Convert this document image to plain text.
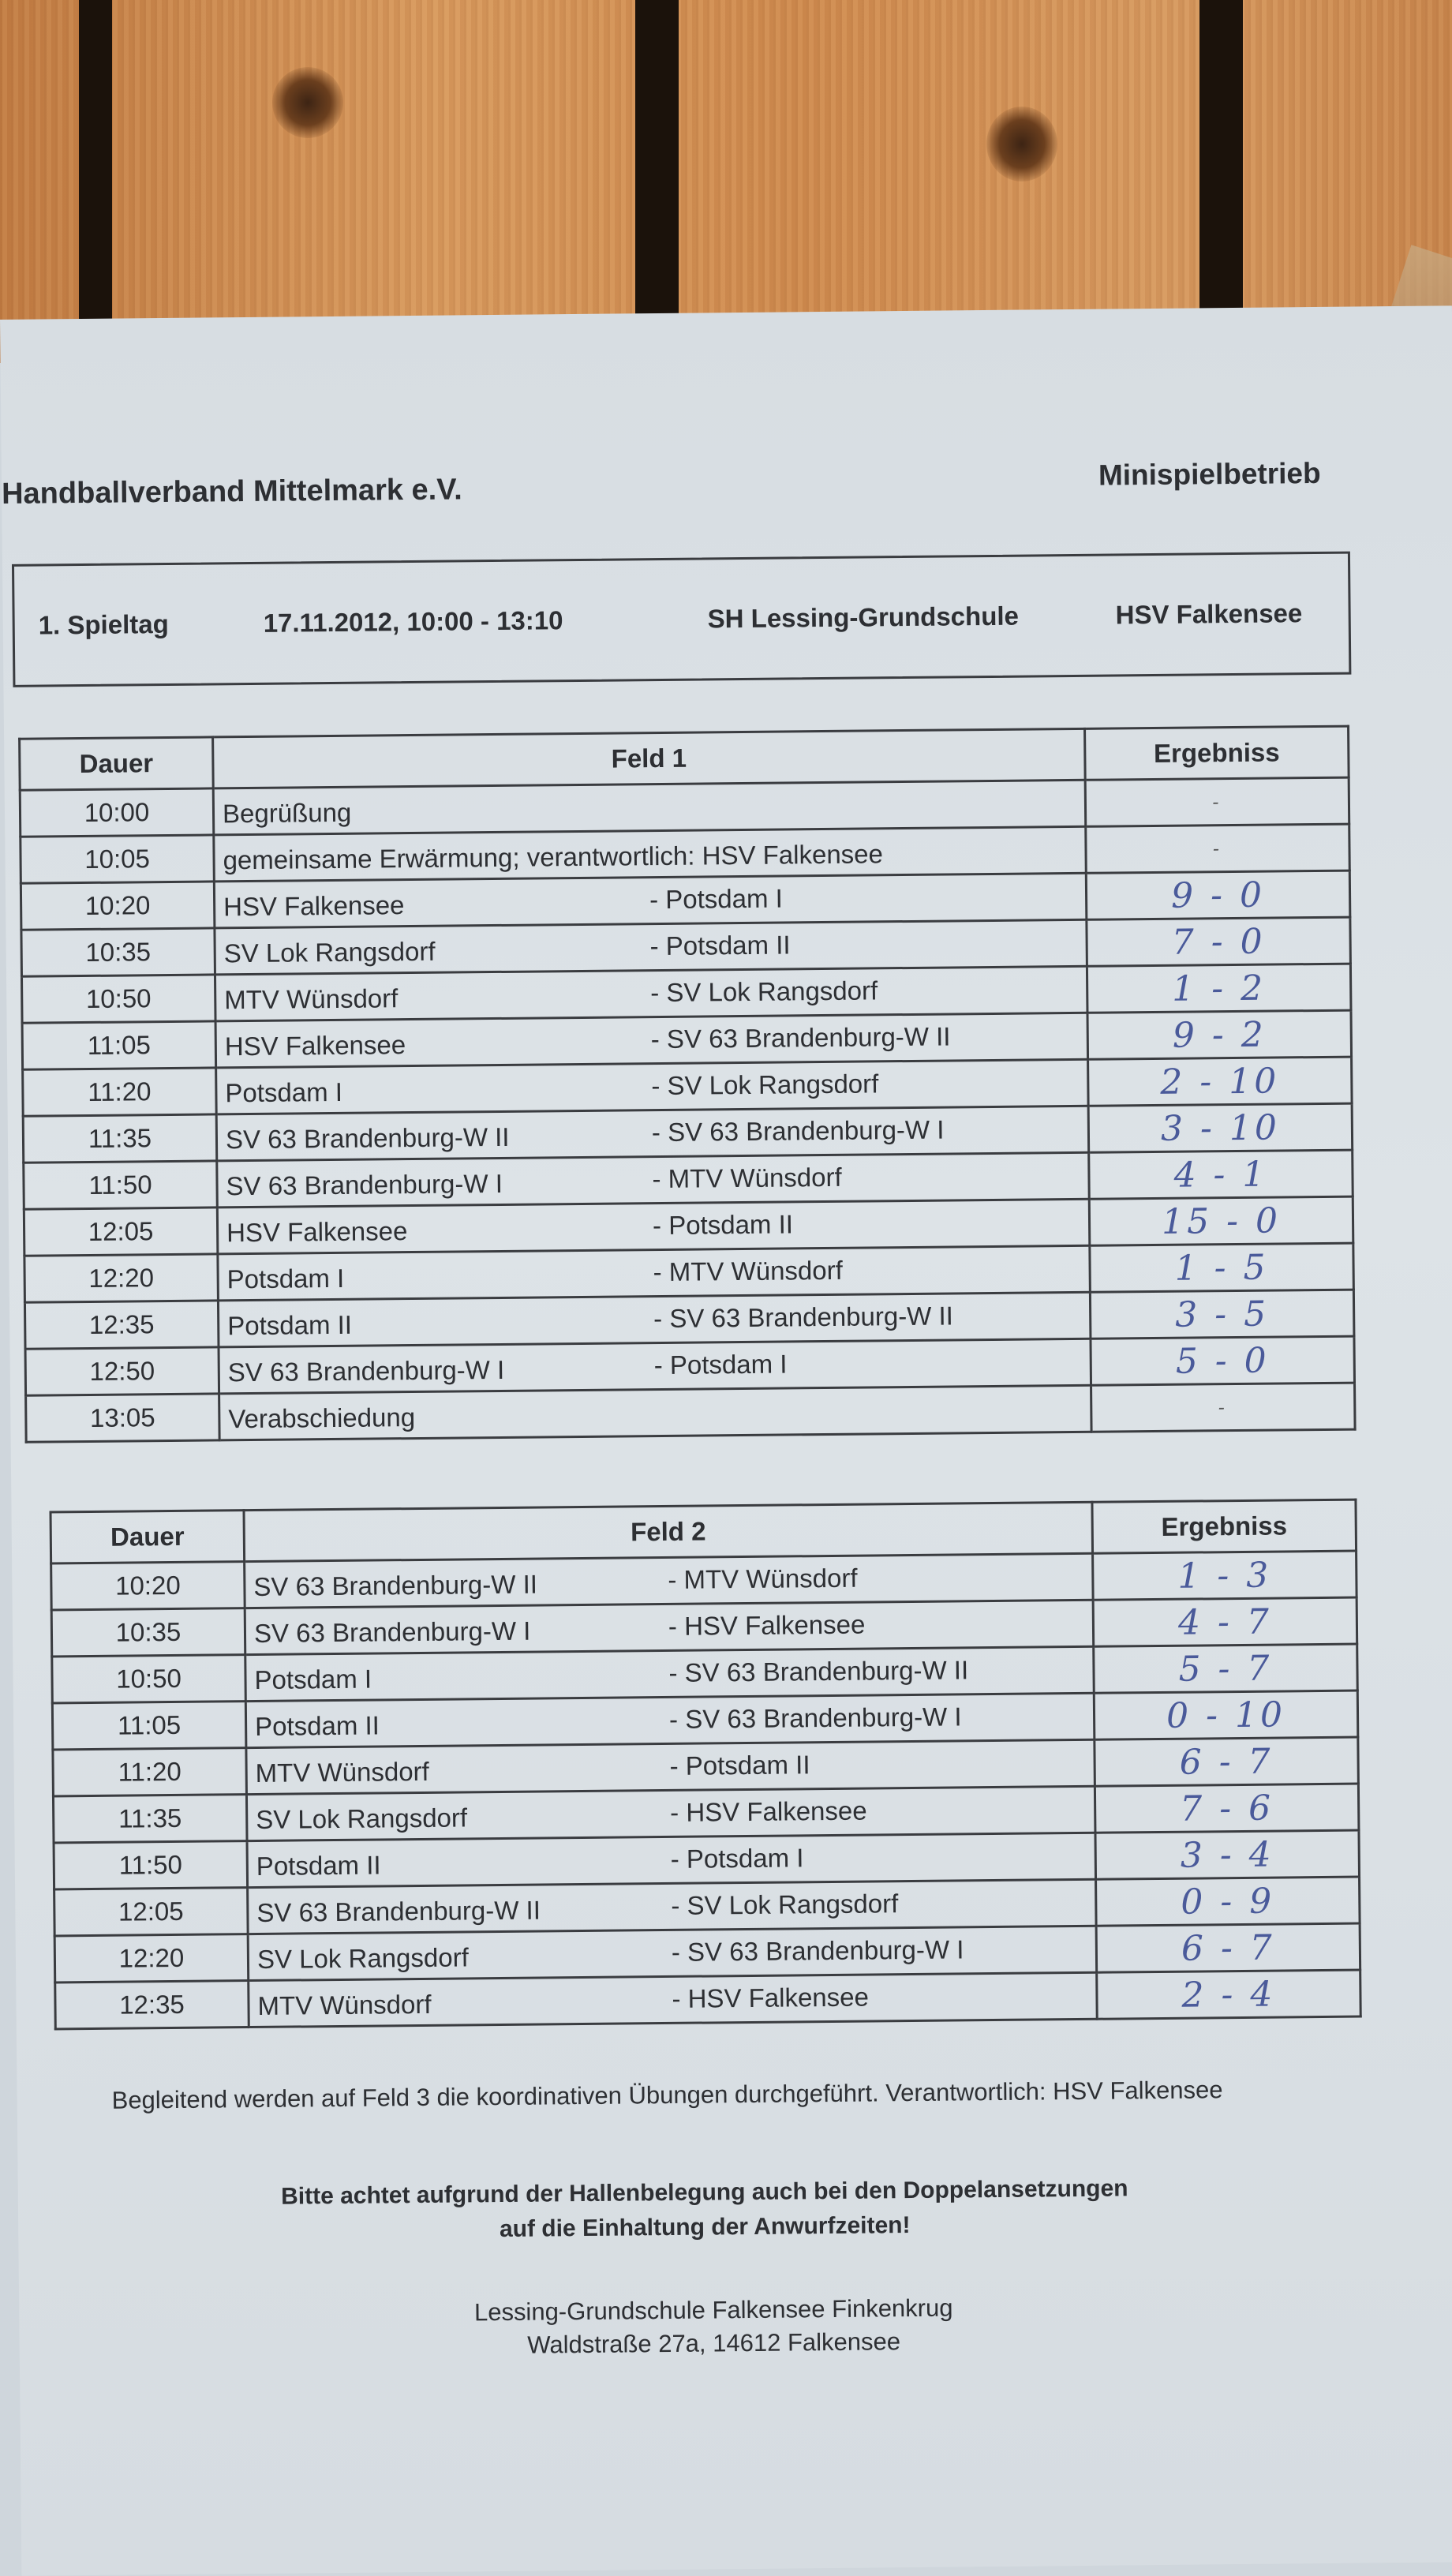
Handballverband Mittelmark e.V.	Minispielbetrieb
1. Spieltag	17.11.2012, 10:00 - 13:10	SH Lessing-Grundschule	HSV Falkensee
Dauer	Feld 1	Ergebniss
10:00	Begrüßung	-
10:05	gemeinsame Erwärmung; verantwortlich: HSV Falkensee	-
10:20	HSV Falkensee - Potsdam I	9 - 0
10:35	SV Lok Rangsdorf - Potsdam II	7 - 0
10:50	MTV Wünsdorf - SV Lok Rangsdorf	1 - 2
11:05	HSV Falkensee - SV 63 Brandenburg-W II	9 - 2
11:20	Potsdam I - SV Lok Rangsdorf	2 - 10
11:35	SV 63 Brandenburg-W II - SV 63 Brandenburg-W I	3 - 10
11:50	SV 63 Brandenburg-W I - MTV Wünsdorf	4 - 1
12:05	HSV Falkensee - Potsdam II	15 - 0
12:20	Potsdam I - MTV Wünsdorf	1 - 5
12:35	Potsdam II - SV 63 Brandenburg-W II	3 - 5
12:50	SV 63 Brandenburg-W I - Potsdam I	5 - 0
13:05	Verabschiedung	-
Dauer	Feld 2	Ergebniss
10:20	SV 63 Brandenburg-W II - MTV Wünsdorf	1 - 3
10:35	SV 63 Brandenburg-W I - HSV Falkensee	4 - 7
10:50	Potsdam I - SV 63 Brandenburg-W II	5 - 7
11:05	Potsdam II - SV 63 Brandenburg-W I	0 - 10
11:20	MTV Wünsdorf - Potsdam II	6 - 7
11:35	SV Lok Rangsdorf - HSV Falkensee	7 - 6
11:50	Potsdam II - Potsdam I	3 - 4
12:05	SV 63 Brandenburg-W II - SV Lok Rangsdorf	0 - 9
12:20	SV Lok Rangsdorf - SV 63 Brandenburg-W I	6 - 7
12:35	MTV Wünsdorf - HSV Falkensee	2 - 4
Begleitend werden auf Feld 3 die koordinativen Übungen durchgeführt. Verantwortlich: HSV Falkensee
Bitte achtet aufgrund der Hallenbelegung auch bei den Doppelansetzungen
auf die Einhaltung der Anwurfzeiten!
Lessing-Grundschule Falkensee Finkenkrug
Waldstraße 27a, 14612 Falkensee
